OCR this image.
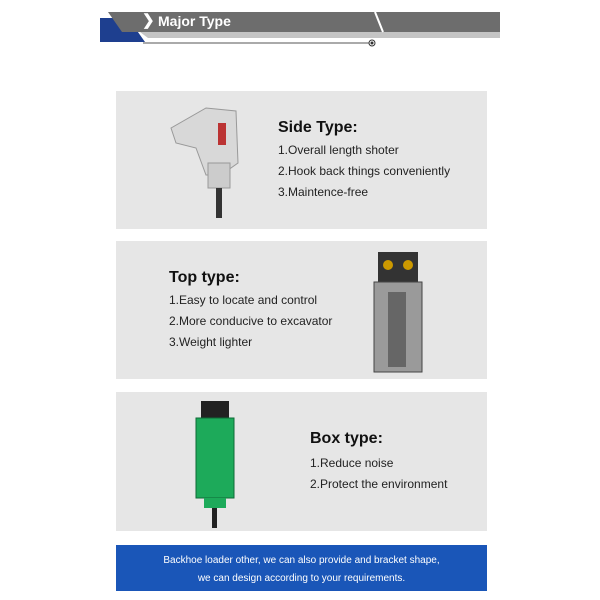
❯ Major Type
Side Type:
1.Overall length shoter
2.Hook back things conveniently
3.Maintence-free
Top type:
1.Easy to locate and control
2.More conducive to excavator
3.Weight lighter
Box type:
1.Reduce noise
2.Protect the environment
Backhoe loader other, we can also provide and bracket shape,
we can design according to your requirements.
